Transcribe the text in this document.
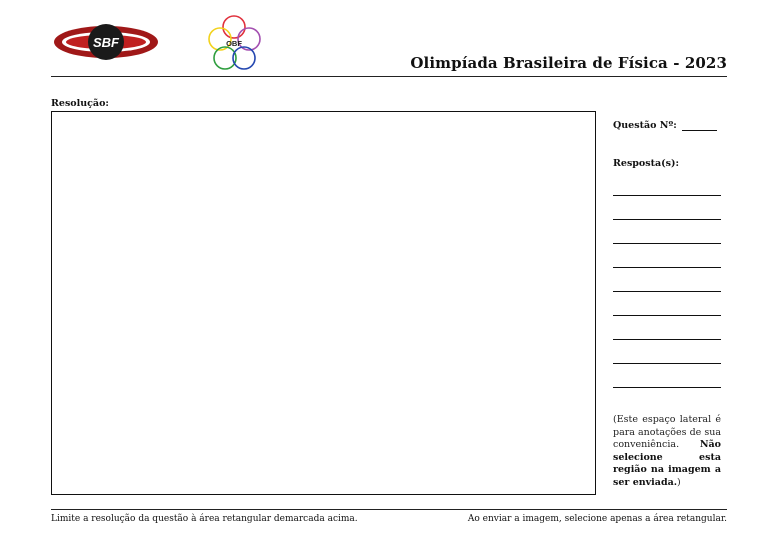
SBF	OBF
Olimpíada Brasileira de Física - 2023
Resolução:
Questão Nº:
Resposta(s):
(Este espaço lateral é para anotações de sua conveniência. Não selecione esta região na imagem a ser enviada.)
Limite a resolução da questão à área retangular demarcada acima.	Ao enviar a imagem, selecione apenas a área retangular.
